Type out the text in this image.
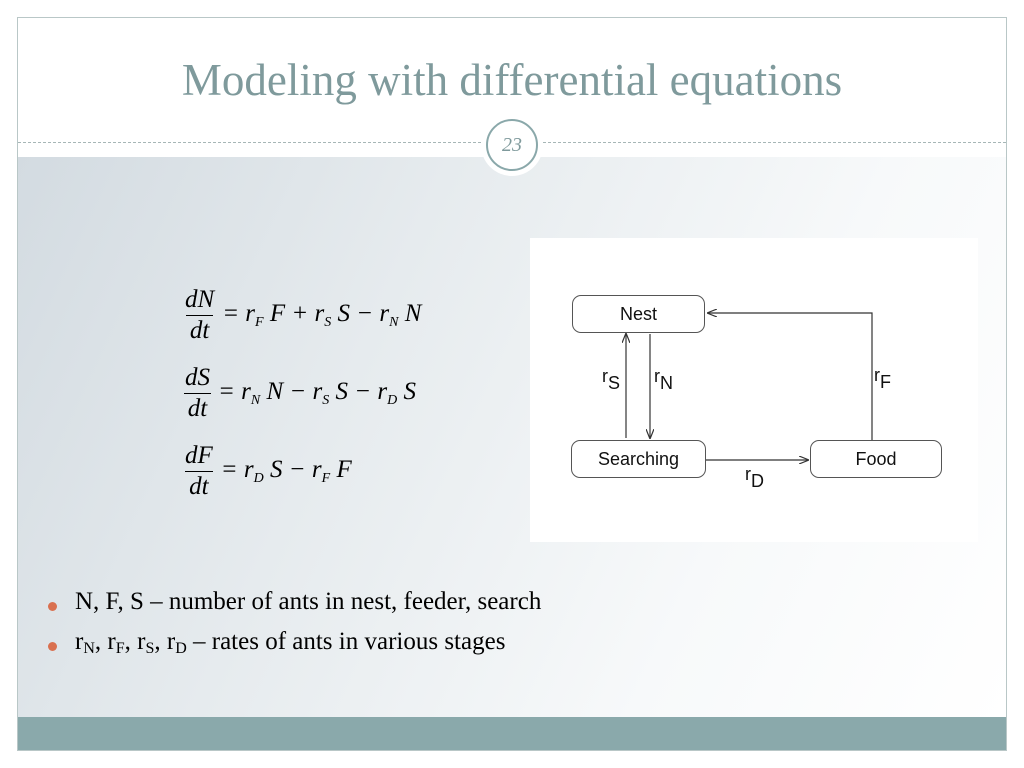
Modeling with differential equations
23
$\frac{dN}{dt} = r_F$ $F + r_S$ $S - r_N$ N
$\frac{dS}{dt} = r_N$ $N - r_S$ $S - r_D$ S
$\frac{dF}{dt} = r_D$ $S - r_F$ F
Nest
Searching	Food
$r_S$ $r_N$	$r_F$
$r_D$
N, F, S – number of ants in nest, feeder, search
$r_N$, $r_F$, $r_S$, $r_D$ – rates of ants in various stages
